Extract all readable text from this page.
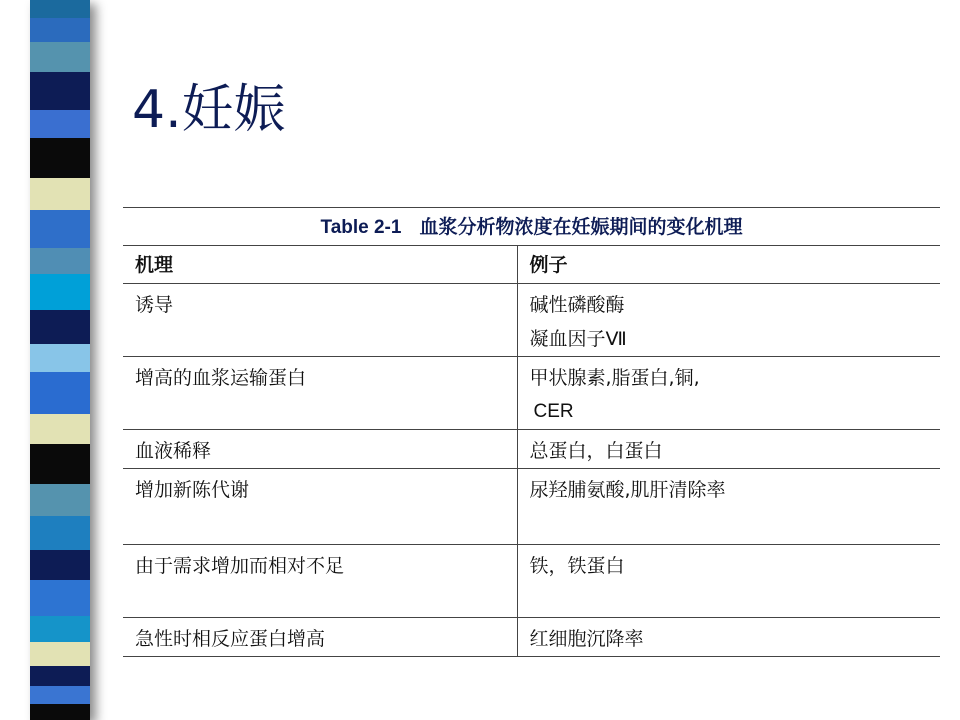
4.妊娠
Table 2-1 血浆分析物浓度在妊娠期间的变化机理
机理	例子

诱导	碱性磷酸酶
凝血因子Ⅶ

增高的血浆运输蛋白	甲状腺素,脂蛋白,铜,
CER

血液稀释	总蛋白，白蛋白

增加新陈代谢	尿羟脯氨酸,肌肝清除率

由于需求增加而相对不足	铁，铁蛋白

急性时相反应蛋白增高	红细胞沉降率
